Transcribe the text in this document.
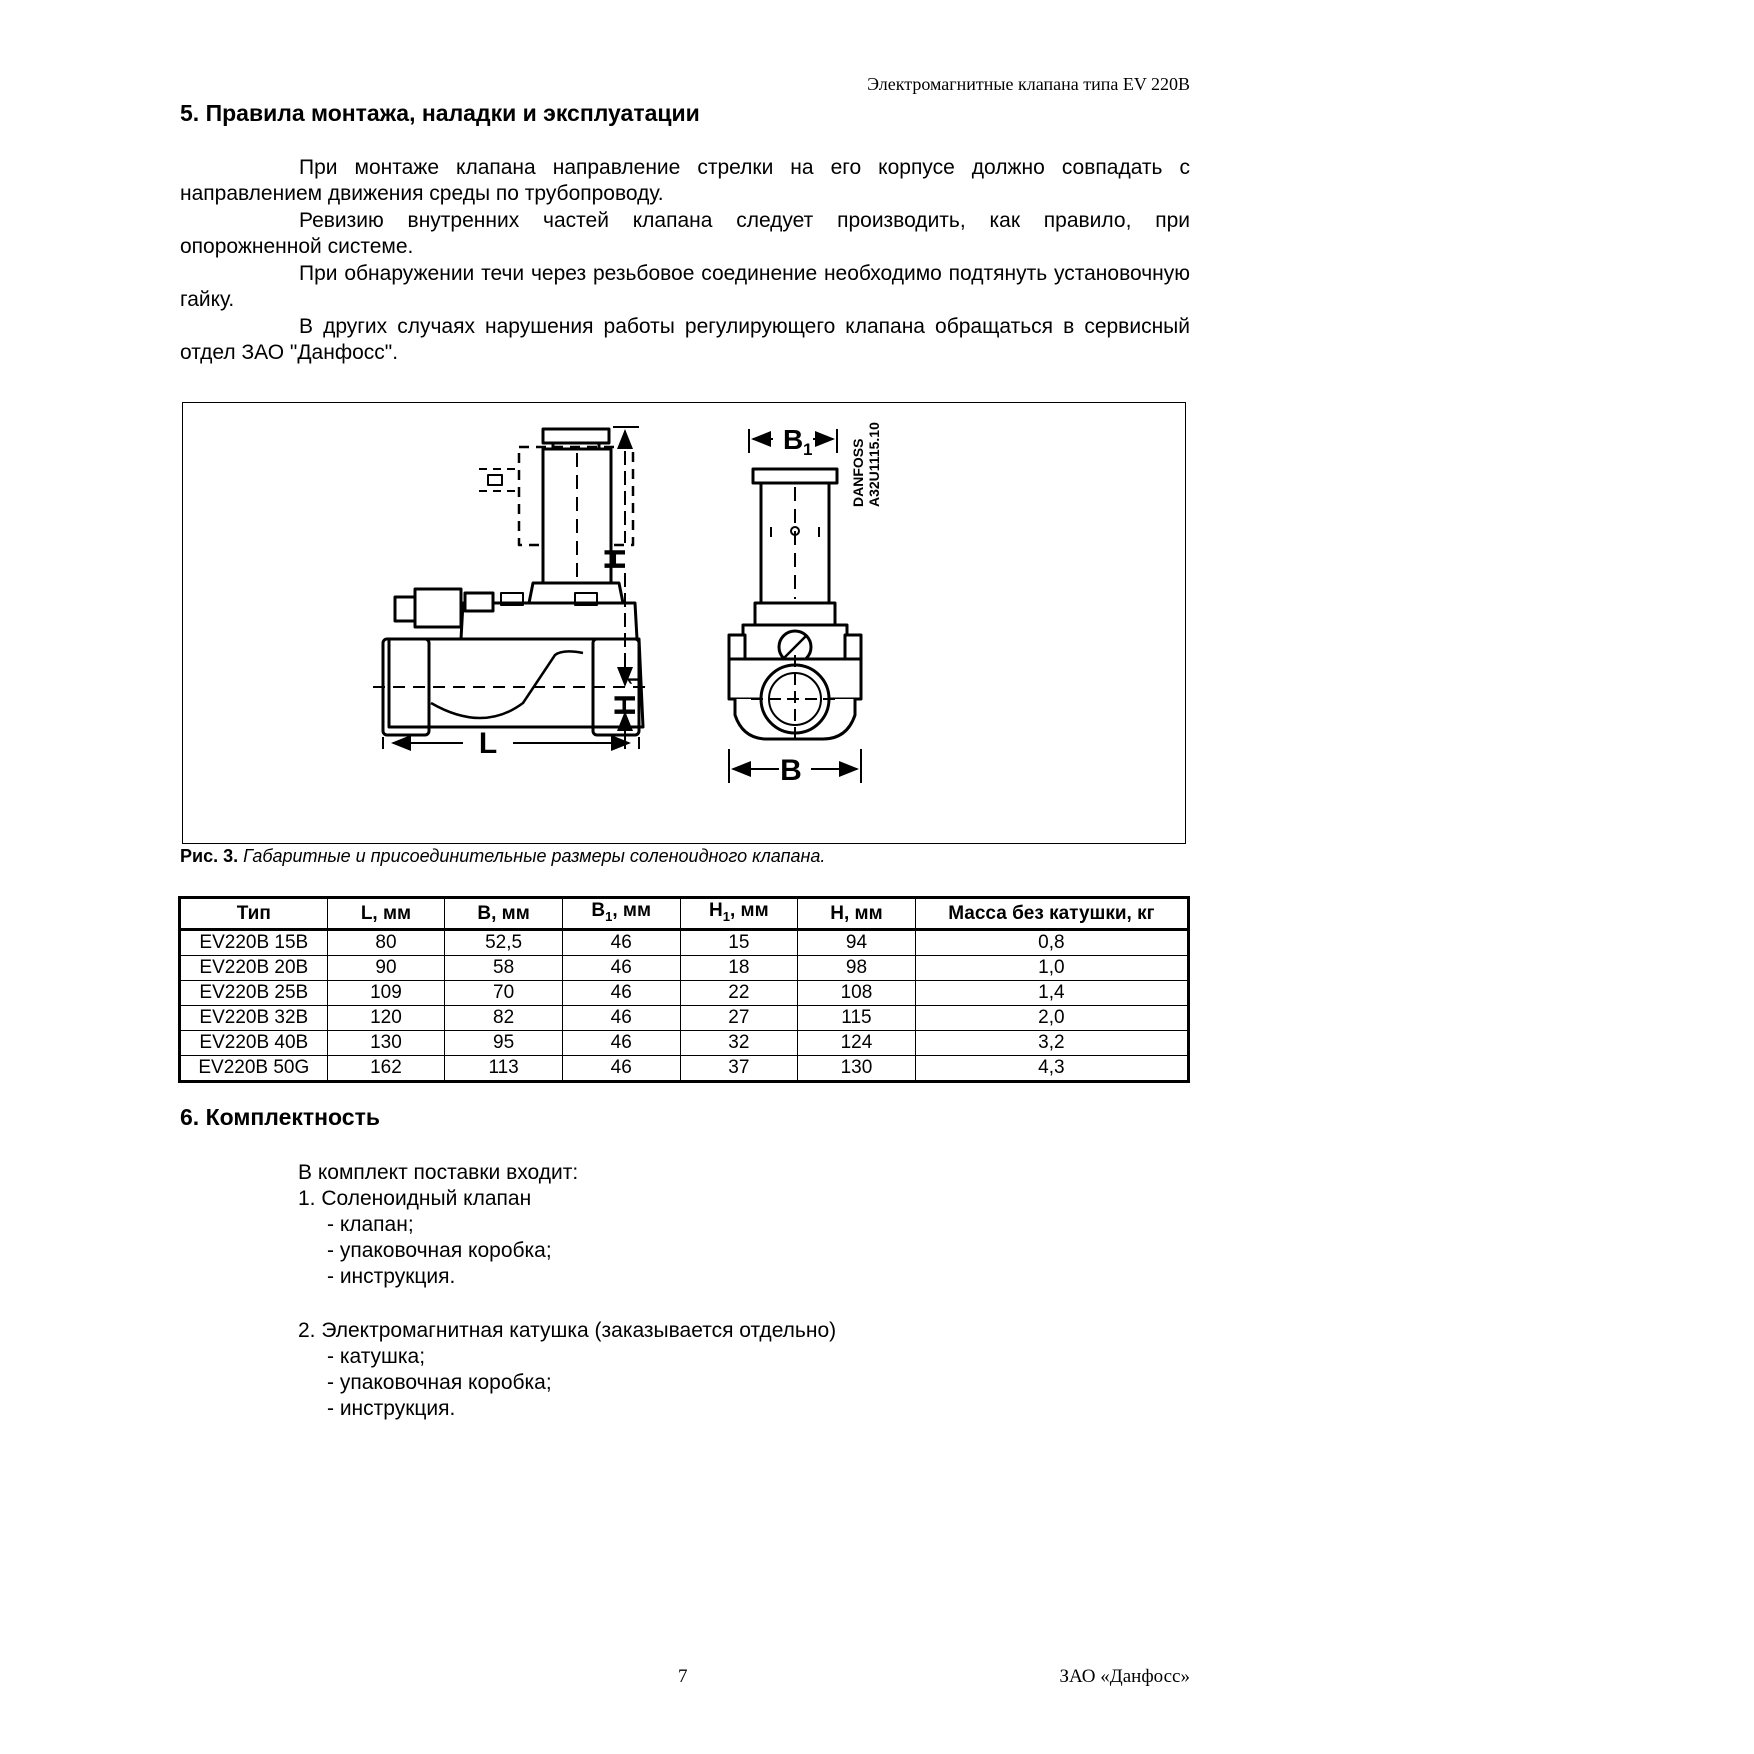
Электромагнитные клапана типа EV 220В
5. Правила монтажа, наладки и эксплуатации

При монтаже клапана направление стрелки на его корпусе должно совпадать с направлением движения среды по трубопроводу.

Ревизию внутренних частей клапана следует производить, как правило, при опорожненной системе.

При обнаружении течи через резьбовое соединение необходимо подтянуть установочную гайку.

В других случаях нарушения работы регулирующего клапана обращаться в сервисный отдел ЗАО "Данфосс".

H
H
1
L
B
B 1	DANFOSS A32U1115.10
Рис. 3. Габаритные и присоединительные размеры соленоидного клапана.
Тип	L, мм	B, мм	$B_1$, мм	$H_1$, мм	H, мм	Масса без катушки, кг
EV220B 15B	80	52,5	46	15	94	0,8
EV220B 20B	90	58	46	18	98	1,0
EV220B 25B	109	70	46	22	108	1,4
EV220B 32B	120	82	46	27	115	2,0
EV220B 40B	130	95	46	32	124	3,2
EV220B 50G	162	113	46	37	130	4,3
6. Комплектность
В комплект поставки входит:
1. Соленоидный клапан
- клапан;
- упаковочная коробка;
- инструкция.
2. Электромагнитная катушка (заказывается отдельно)
- катушка;
- упаковочная коробка;
- инструкция.
7	ЗАО «Данфосс»
